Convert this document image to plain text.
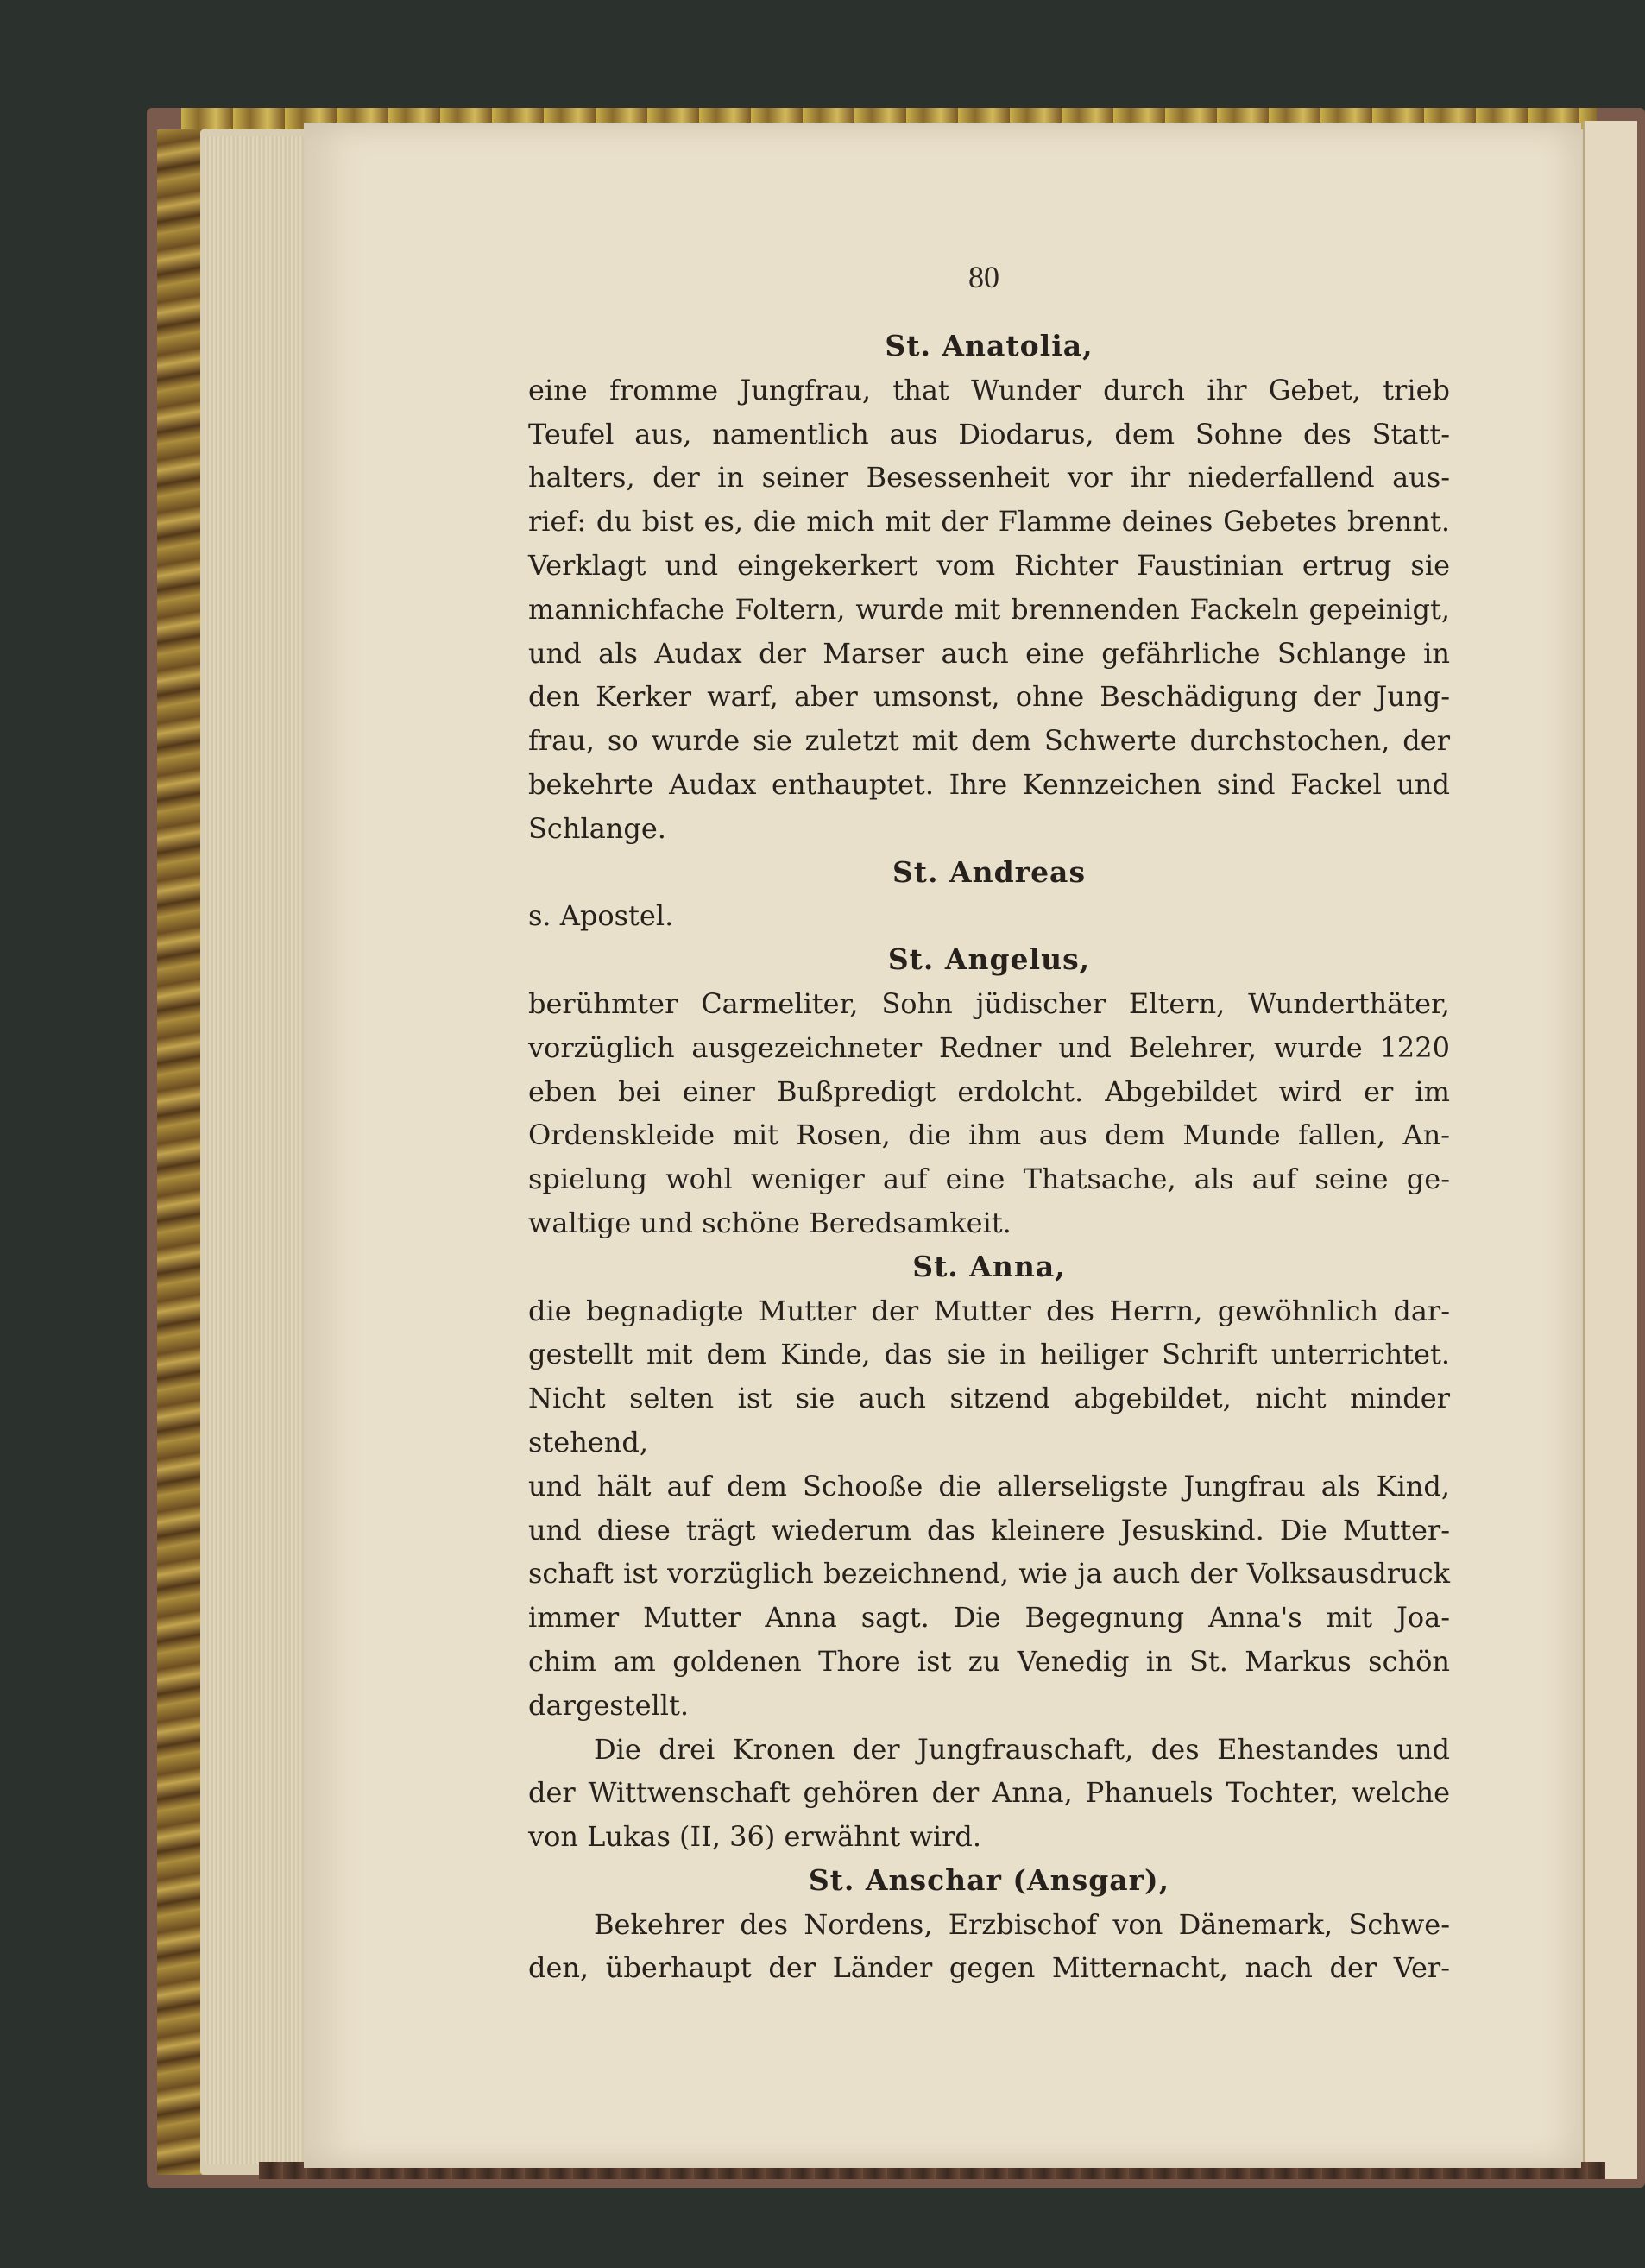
80
St. Anatolia,

eine fromme Jungfrau, that Wunder durch ihr Gebet, trieb

Teufel aus, namentlich aus Diodarus, dem Sohne des Statt-

halters, der in seiner Besessenheit vor ihr niederfallend aus-

rief: du bist es, die mich mit der Flamme deines Gebetes brennt.

Verklagt und eingekerkert vom Richter Faustinian ertrug sie

mannichfache Foltern, wurde mit brennenden Fackeln gepeinigt,

und als Audax der Marser auch eine gefährliche Schlange in

den Kerker warf, aber umsonst, ohne Beschädigung der Jung-

frau, so wurde sie zuletzt mit dem Schwerte durchstochen, der

bekehrte Audax enthauptet. Ihre Kennzeichen sind Fackel und

Schlange.

St. Andreas

s. Apostel.

St. Angelus,

berühmter Carmeliter, Sohn jüdischer Eltern, Wunderthäter,

vorzüglich ausgezeichneter Redner und Belehrer, wurde 1220

eben bei einer Bußpredigt erdolcht. Abgebildet wird er im

Ordenskleide mit Rosen, die ihm aus dem Munde fallen, An-

spielung wohl weniger auf eine Thatsache, als auf seine ge-

waltige und schöne Beredsamkeit.

St. Anna,

die begnadigte Mutter der Mutter des Herrn, gewöhnlich dar-

gestellt mit dem Kinde, das sie in heiliger Schrift unterrichtet.

Nicht selten ist sie auch sitzend abgebildet, nicht minder stehend,

und hält auf dem Schooße die allerseligste Jungfrau als Kind,

und diese trägt wiederum das kleinere Jesuskind. Die Mutter-

schaft ist vorzüglich bezeichnend, wie ja auch der Volksausdruck

immer Mutter Anna sagt. Die Begegnung Anna's mit Joa-

chim am goldenen Thore ist zu Venedig in St. Markus schön

dargestellt.

Die drei Kronen der Jungfrauschaft, des Ehestandes und

der Wittwenschaft gehören der Anna, Phanuels Tochter, welche

von Lukas (II, 36) erwähnt wird.

St. Anschar (Ansgar),

Bekehrer des Nordens, Erzbischof von Dänemark, Schwe-

den, überhaupt der Länder gegen Mitternacht, nach der Ver-
